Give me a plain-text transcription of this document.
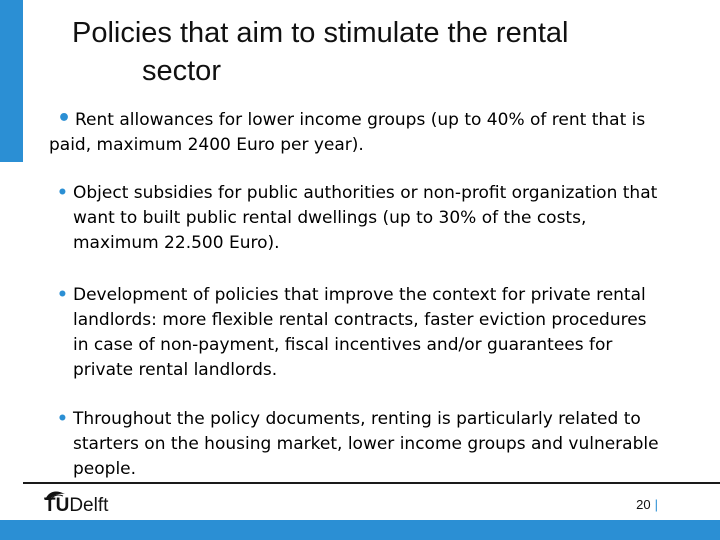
Policies that aim to stimulate the rental
sector
• Rent allowances for lower income groups (up to 40% of rent that is paid, maximum 2400 Euro per year).
• Object subsidies for public authorities or non-profit organization that want to built public rental dwellings (up to 30% of the costs, maximum 22.500 Euro).
• Development of policies that improve the context for private rental landlords: more flexible rental contracts, faster eviction procedures in case of non-payment, fiscal incentives and/or guarantees for private rental landlords.
• Throughout the policy documents, renting is particularly related to starters on the housing market, lower income groups and vulnerable people.
TUDelft	20 |
